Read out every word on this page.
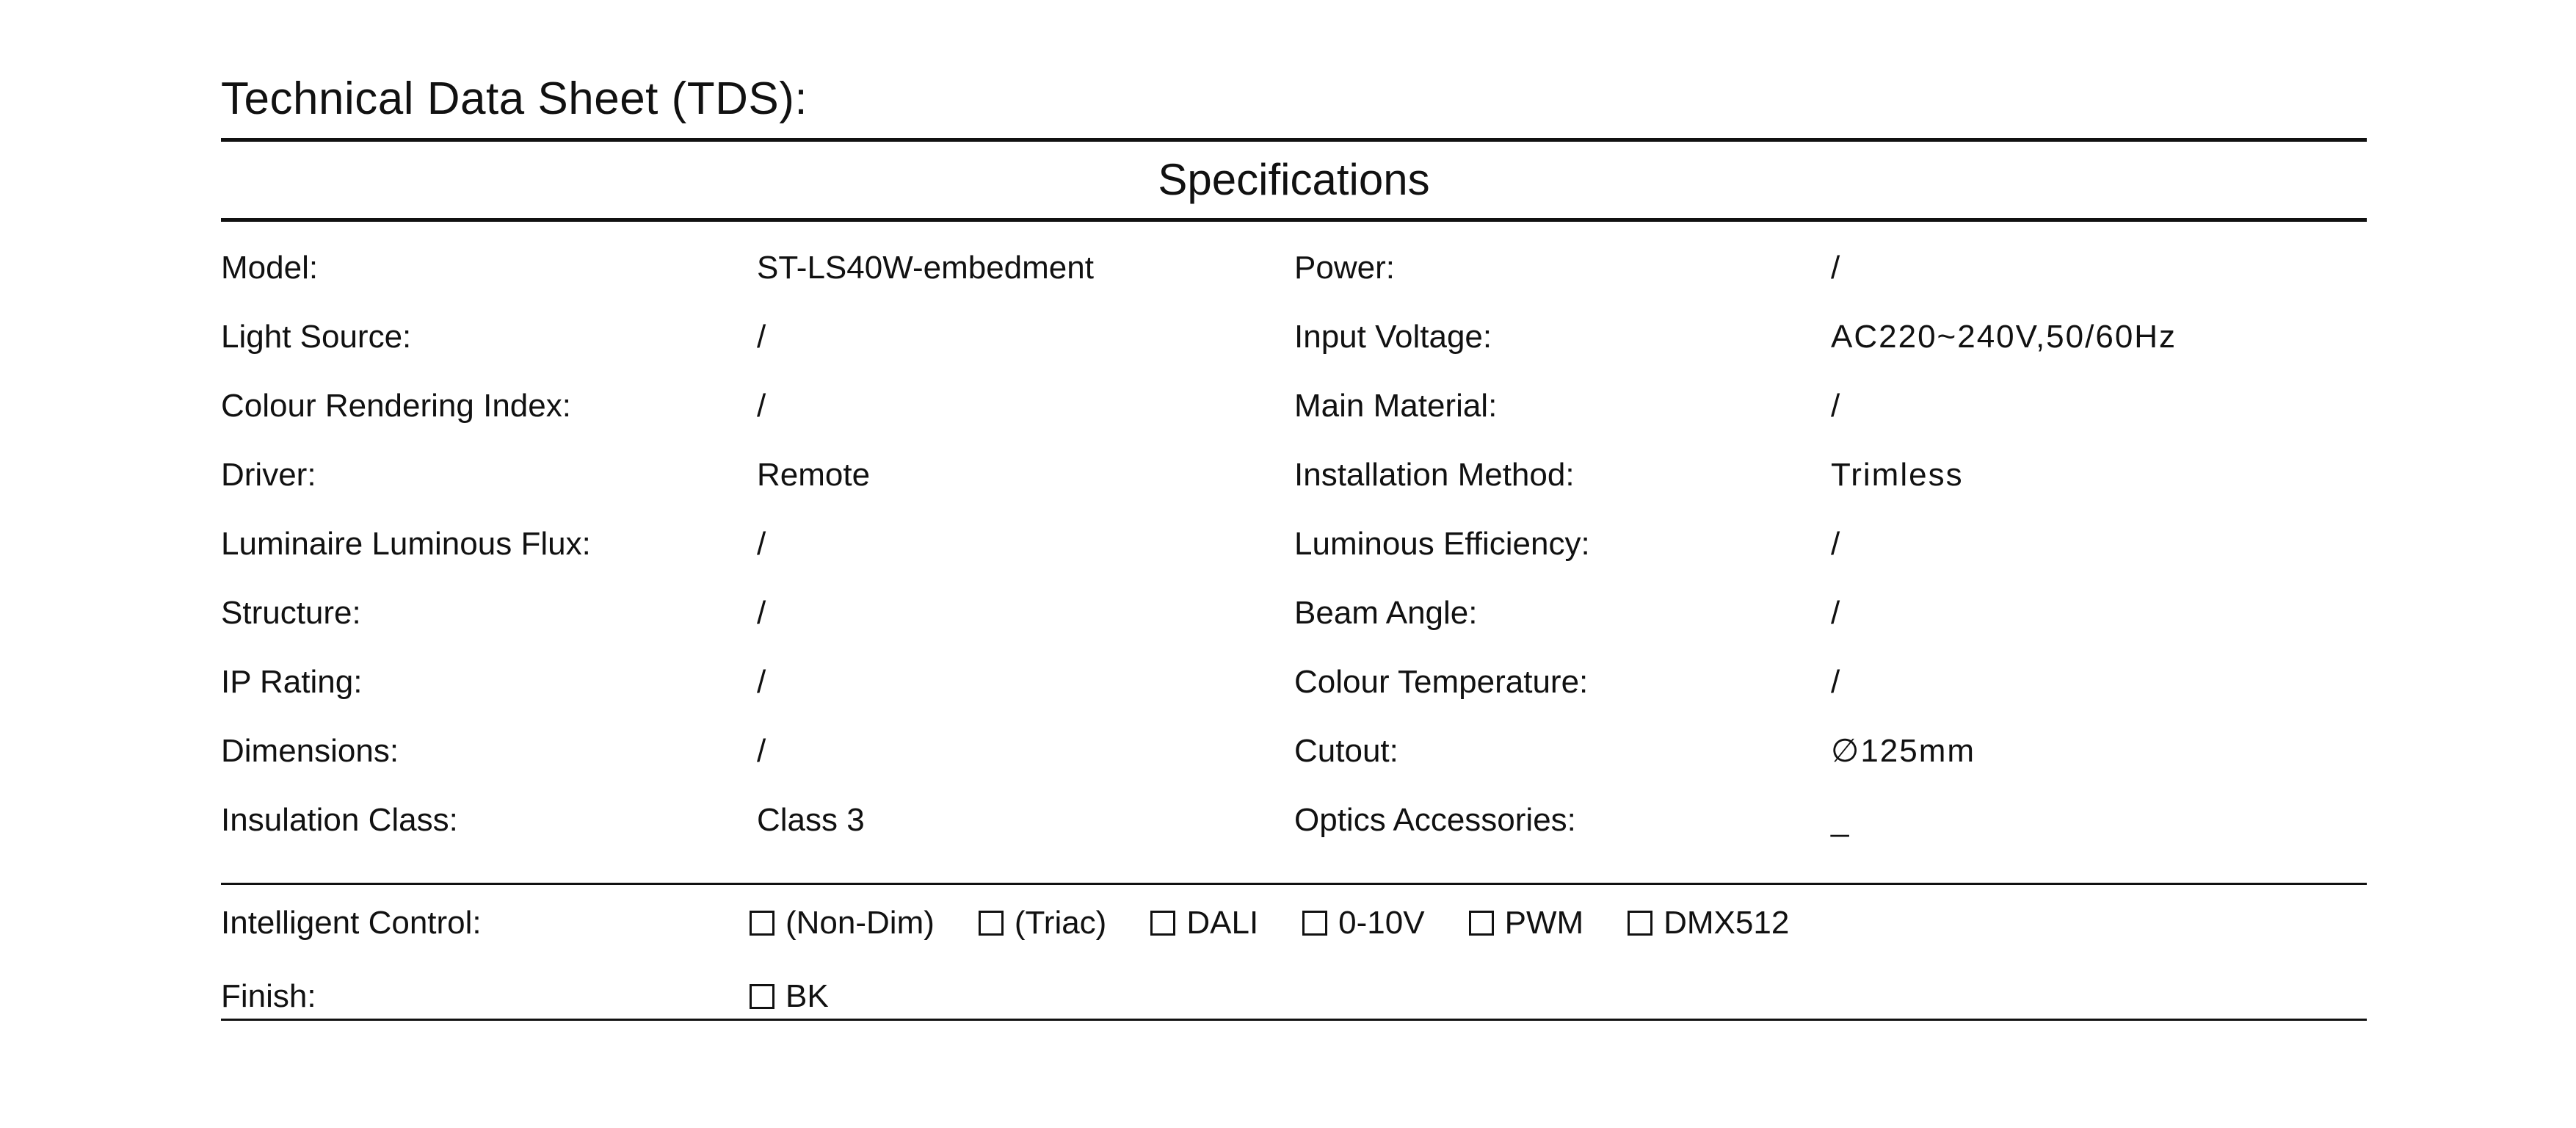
Technical Data Sheet (TDS):
Specifications
Model:	ST-LS40W-embedment	Power:	/
Light Source:	/	Input Voltage:	AC220~240V,50/60Hz
Colour Rendering Index:	/	Main Material:	/
Driver:	Remote	Installation Method:	Trimless
Luminaire Luminous Flux:	/	Luminous Efficiency:	/
Structure:	/	Beam Angle:	/
IP Rating:	/	Colour Temperature:	/
Dimensions:	/	Cutout:	∅125mm
Insulation Class:	Class 3	Optics Accessories:	_
Intelligent Control:	(Non-Dim) (Triac) DALI 0-10V PWM DMX512
Finish:	BK
